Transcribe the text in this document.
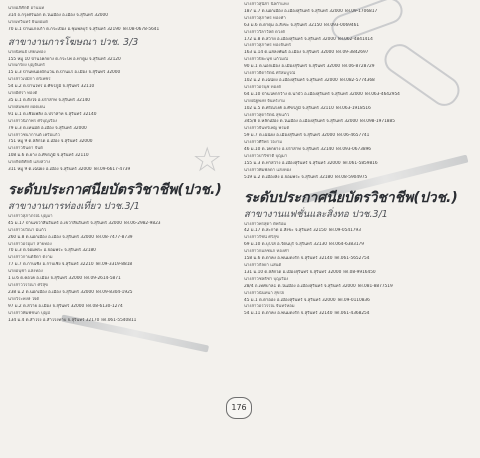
☆
นายอภิศักดิ์ อานนท
314 ถ.กรุงศรีนอก ต.ในเมือง อ.เมือง จ.สุรินทร์ 32000
นายเทวินทร์ ยินยอมดี
70 ม.1 บ้านแกงเก้า ต.กระเบื้อง อ.ชุมพลบุรี จ.สุรินทร์ 32190 Tel.08-0678-5641
สาขางานการโฆษณา ปวช. 3/3
นายนิพนธ์ เทียนทอง
155 หมู่ 10 บ้านโคกยาง ต.กระโพ อ.ท่าตูม จ.สุรินทร์ 32120
นายเกรียง บุญจันทร์
15 ม.3 บ้านหนองผักแว่น ต.บ้านแร่ อ.เมือง จ.สุรินทร์ 32000
นางสาวเปมิกา ตรีเพ็ชร
54 ม.2 ต.บ้านไทร อ.ศีขรภูมิ จ.สุรินทร์ 32110
นายอิศรา ทองดี
35 ม.1 ต.ตั้งใจ อ.ปราสาท จ.สุรินทร์ 32140
นายสมพงษ์ ยอดเย็น
91 ม.1 ต.เชื้อเพลิง อ.ปราสาท จ.สุรินทร์ 32140
นางสาวนิภาพร ศรีบุญเรือง
79 ม.3 ต.เทนมีย์ อ.เมือง จ.สุรินทร์ 32000
นางสาวชนากานต์ เครือแก้ว
751 หมู่ 9 ต.สลักได อ.เมือง จ.สุรินทร์ 32000
นางสาวจินดา จันดี
108 ม.6 ต.ยาง อ.ศีขรภูมิ จ.สุรินทร์ 32110
นายกิตติศักดิ์ แสงสว่าง
311 หมู่ 9 ต.เฉนียง อ.เมือง จ.สุรินทร์ 32000 Tel.09-6617-4739
ระดับประกาศนียบัตรวิชาชีพ(ปวช.)
สาขางานการท่องเที่ยว ปวช.3/1
นางสาวสุภาภรณ์ บุญมา
45 ม.17 บ้านเขวาสินรินทร์ อ.เขวาสินรินทร์ จ.สุรินทร์ 32000 Tel.06-2982-9823
นางสาวปวีณา มีแก้ว
260 ม.8 ต.นอกเมือง อ.เมือง จ.สุรินทร์ 32000 Tel.08-7477-8739
นางสาวอรอุมา สายทอง
70 ม.3 ต.จอมพระ อ.จอมพระ จ.สุรินทร์ 32180
นางสาวกานต์ธิดา ดีงาม
77 ม.7 ต.กาบเชิง อ.กาบเชิง จ.สุรินทร์ 32210 Tel.09-3319-8818
นายอนุชา แสงทอง
1 ม.6 ต.คอโค อ.เมือง จ.สุรินทร์ 32000 Tel.09-2614-5871
นางสาววรรณา ศรีสุข
238 ม.2 ต.นอกเมือง อ.เมือง จ.สุรินทร์ 32000 Tel.09-8304-1925
นายวีระพงษ์ ใจดี
97 ม.2 ต.สวาย อ.เมือง จ.สุรินทร์ 32000 Tel.08-6130-1274
นางสาวพิมพ์ชนก บุญมี
134 ม.4 ต.สำโรง อ.สำโรงทาบ จ.สุรินทร์ 32170 Tel.061-5540811
นางสาวสุนิสา นิลกำแหง
187 ม.7 ต.นอกเมือง อ.เมืองสุรินทร์ จ.สุรินทร์ 32000 Tel.09-1706817
นางสาวสุภาพร ทองคำ
63 ม.6 ต.ตาตุม อ.สังขะ จ.สุรินทร์ 32150 Tel.093-0069461
นางสาววิลาวัลย์ ดวงดี
172 ม.8 ต.สวาย อ.เมืองสุรินทร์ จ.สุรินทร์ 32000 Tel.062-4841414
นางสาวสุภาพร ทองจันทร์
163 ม.14 ต.แสลงพันธ์ อ.เมือง จ.สุรินทร์ 32000 Tel.09-3842697
นางสาวปิยะนุช แก้วมณี
90 ม.1 ต.นอกเมือง อ.เมืองสุรินทร์ จ.สุรินทร์ 32000 Tel.06-8728729
นางสาวธิดารัตน์ ศรีสมบูรณ์
102 ม.2 ต.เฉนียง อ.เมืองสุรินทร์ จ.สุรินทร์ 32000 Tel.082-5774368
นางสาวอรนุช ทองดี
64 ม.10 บ้านโคกกว้าง ต.นาบัว อ.เมืองสุรินทร์ จ.สุรินทร์ 32000 Tel.063-4642954
นายณัฐพงษ์ จันทร์งาม
102 ม.5 ต.ศรีณรงค์ อ.ศีขรภูมิ จ.สุรินทร์ 32110 Tel.063-1918516
นางสาวสุดารัตน์ สุขแก้ว
345/8 ถ.หลักเมือง ต.ในเมือง อ.เมืองสุรินทร์ จ.สุรินทร์ 32000 Tel.098-1971885
นางสาวจันทร์เพ็ญ พรมดี
59 ม.7 ต.เฉนียง อ.เมืองสุรินทร์ จ.สุรินทร์ 32000 Tel.06-4657741
นางสาวศิริพร ใจงาม
46 ม.10 ต.โคกยาง อ.ปราสาท จ.สุรินทร์ 32140 Tel.093-0673896
นางสาวปาริชาติ บุญมา
155 ม.3 ต.ท่าสว่าง อ.เมืองสุรินทร์ จ.สุรินทร์ 32000 Tel.061-5859816
นางสาวพิมพ์ลดา แสงทอง
519 ม.2 ต.เมืองลีง อ.จอมพระ จ.สุรินทร์ 32180 Tel.08-5904975
ระดับประกาศนียบัตรวิชาชีพ(ปวช.)
สาขางานแฟชั่นและสิ่งทอ ปวช.3/1
นางสาวพรสุดา ดีพร้อม
42 ม.17 ต.สะกาด อ.สังขะ จ.สุรินทร์ 32150 Tel.09-0541793
นางสาวรัชนี ศรีสุข
69 ม.10 ต.บุโรส อ.รัตนบุรี จ.สุรินทร์ 32130 Tel.064-6383179
นางสาวกมลชนก ทองคำ
158 ม.6 ต.ตาคง อ.พนมดงรัก จ.สุรินทร์ 32140 Tel.061-5652754
นางสาวกัลยา แสนดี
131 ม.10 ต.สลักได อ.เมืองสุรินทร์ จ.สุรินทร์ 32000 Tel.08-9916450
นางสาวชลธิชา บุญเรือง
28/4 ถ.เทศบาล1 ต.ในเมือง อ.เมืองสุรินทร์ จ.สุรินทร์ 32000 Tel.081-8877519
นางสาวนันทนา สุขใจ
45 ม.1 ต.ตาอ็อง อ.เมืองสุรินทร์ จ.สุรินทร์ 32000 Tel.09-0110836
นางสาวอรวรรณ จันทร์หอม
54 ม.11 ต.ตาคง อ.พนมดงรัก จ.สุรินทร์ 32140 Tel.061-4368254
176
